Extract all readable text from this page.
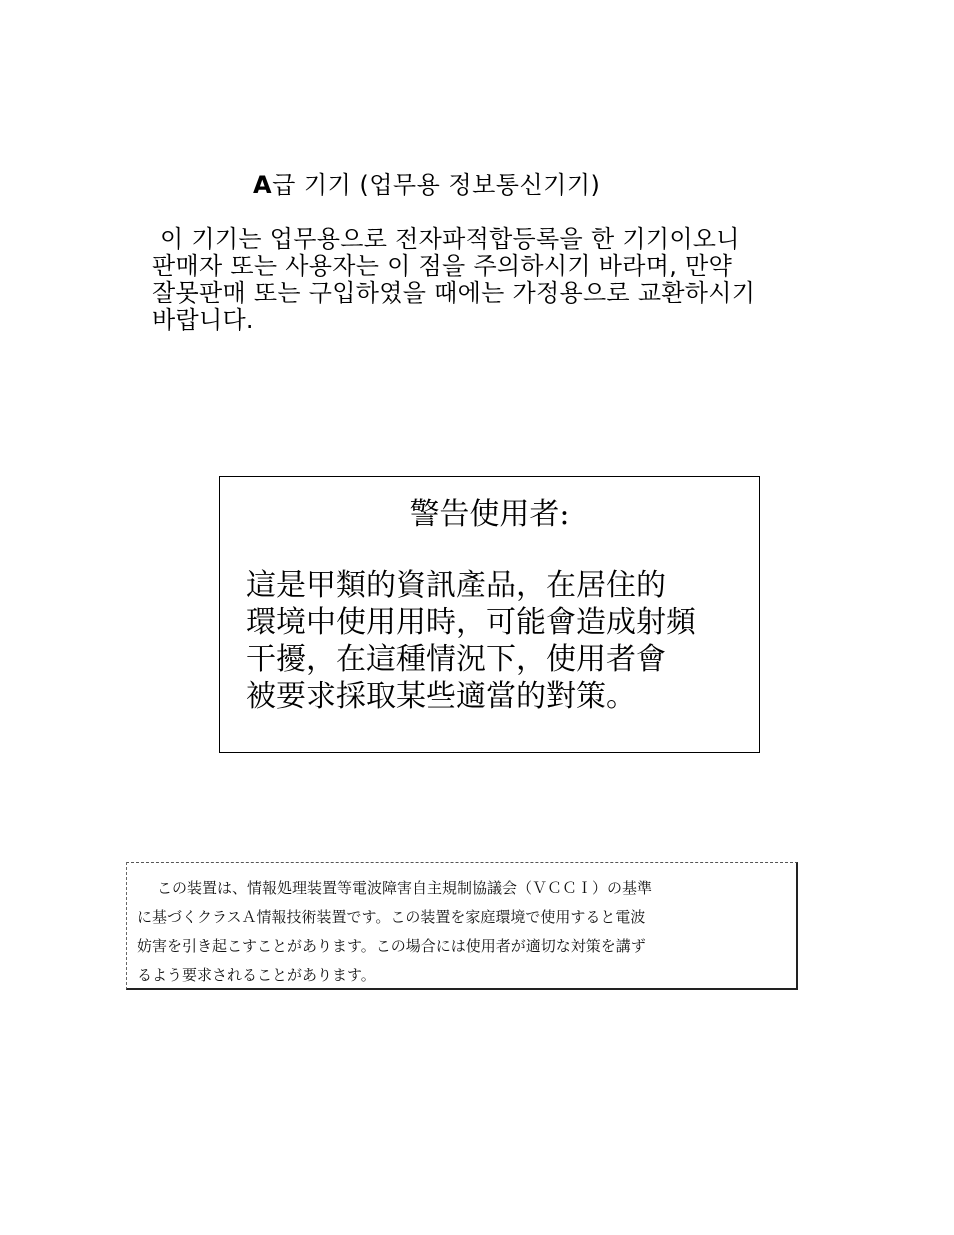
A급 기기 (업무용 정보통신기기)

이 기기는 업무용으로 전자파적합등록을 한 기기이오니

판매자 또는 사용자는 이 점을 주의하시기 바라며, 만약

잘못판매 또는 구입하였을 때에는 가정용으로 교환하시기

바랍니다.

警告使用者:

這是甲類的資訊產品，在居住的

環境中使用用時，可能會造成射頻

干擾，在這種情況下，使用者會

被要求採取某些適當的對策。

この装置は、情報処理装置等電波障害自主規制協議会（ＶＣＣＩ）の基準

に基づくクラスＡ情報技術装置です。この装置を家庭環境で使用すると電波

妨害を引き起こすことがあります。この場合には使用者が適切な対策を講ず

るよう要求されることがあります。
